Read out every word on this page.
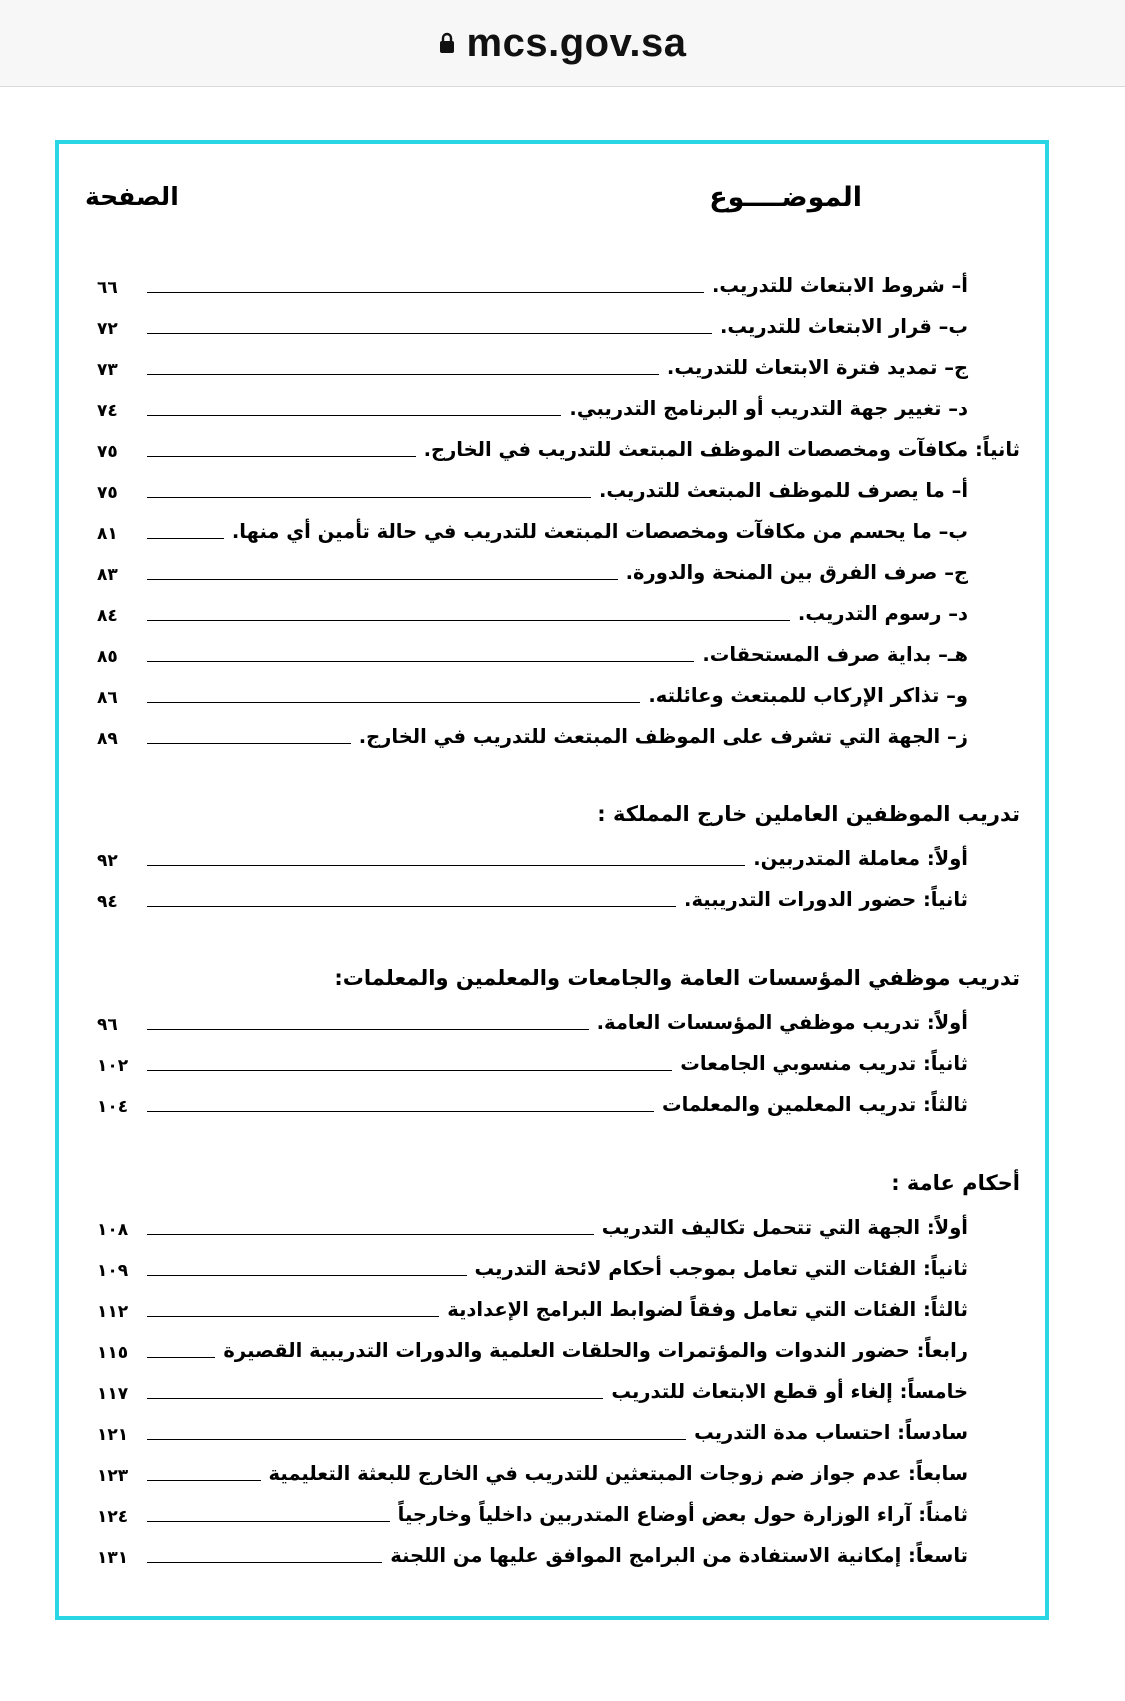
mcs.gov.sa
الموضــــوع
الصفحة
أ– شروط الابتعاث للتدريب.
٦٦
ب– قرار الابتعاث للتدريب.
٧٢
ج– تمديد فترة الابتعاث للتدريب.
٧٣
د– تغيير جهة التدريب أو البرنامج التدريبي.
٧٤
ثانياً: مكافآت ومخصصات الموظف المبتعث للتدريب في الخارج.
٧٥
أ– ما يصرف للموظف المبتعث للتدريب.
٧٥
ب– ما يحسم من مكافآت ومخصصات المبتعث للتدريب في حالة تأمين أي منها.
٨١
ج– صرف الفرق بين المنحة والدورة.
٨٣
د– رسوم التدريب.
٨٤
هـ– بداية صرف المستحقات.
٨٥
و– تذاكر الإركاب للمبتعث وعائلته.
٨٦
ز– الجهة التي تشرف على الموظف المبتعث للتدريب في الخارج.
٨٩
تدريب الموظفين العاملين خارج المملكة :
أولاً: معاملة المتدربين.
٩٢
ثانياً: حضور الدورات التدريبية.
٩٤
تدريب موظفي المؤسسات العامة والجامعات والمعلمين والمعلمات:
أولاً: تدريب موظفي المؤسسات العامة.
٩٦
ثانياً: تدريب منسوبي الجامعات
١٠٢
ثالثاً: تدريب المعلمين والمعلمات
١٠٤
أحكام عامة :
أولاً: الجهة التي تتحمل تكاليف التدريب
١٠٨
ثانياً: الفئات التي تعامل بموجب أحكام لائحة التدريب
١٠٩
ثالثاً: الفئات التي تعامل وفقاً لضوابط البرامج الإعدادية
١١٢
رابعاً: حضور الندوات والمؤتمرات والحلقات العلمية والدورات التدريبية القصيرة
١١٥
خامساً: إلغاء أو قطع الابتعاث للتدريب
١١٧
سادساً: احتساب مدة التدريب
١٢١
سابعاً: عدم جواز ضم زوجات المبتعثين للتدريب في الخارج للبعثة التعليمية
١٢٣
ثامناً: آراء الوزارة حول بعض أوضاع المتدربين داخلياً وخارجياً
١٢٤
تاسعاً: إمكانية الاستفادة من البرامج الموافق عليها من اللجنة
١٣١
